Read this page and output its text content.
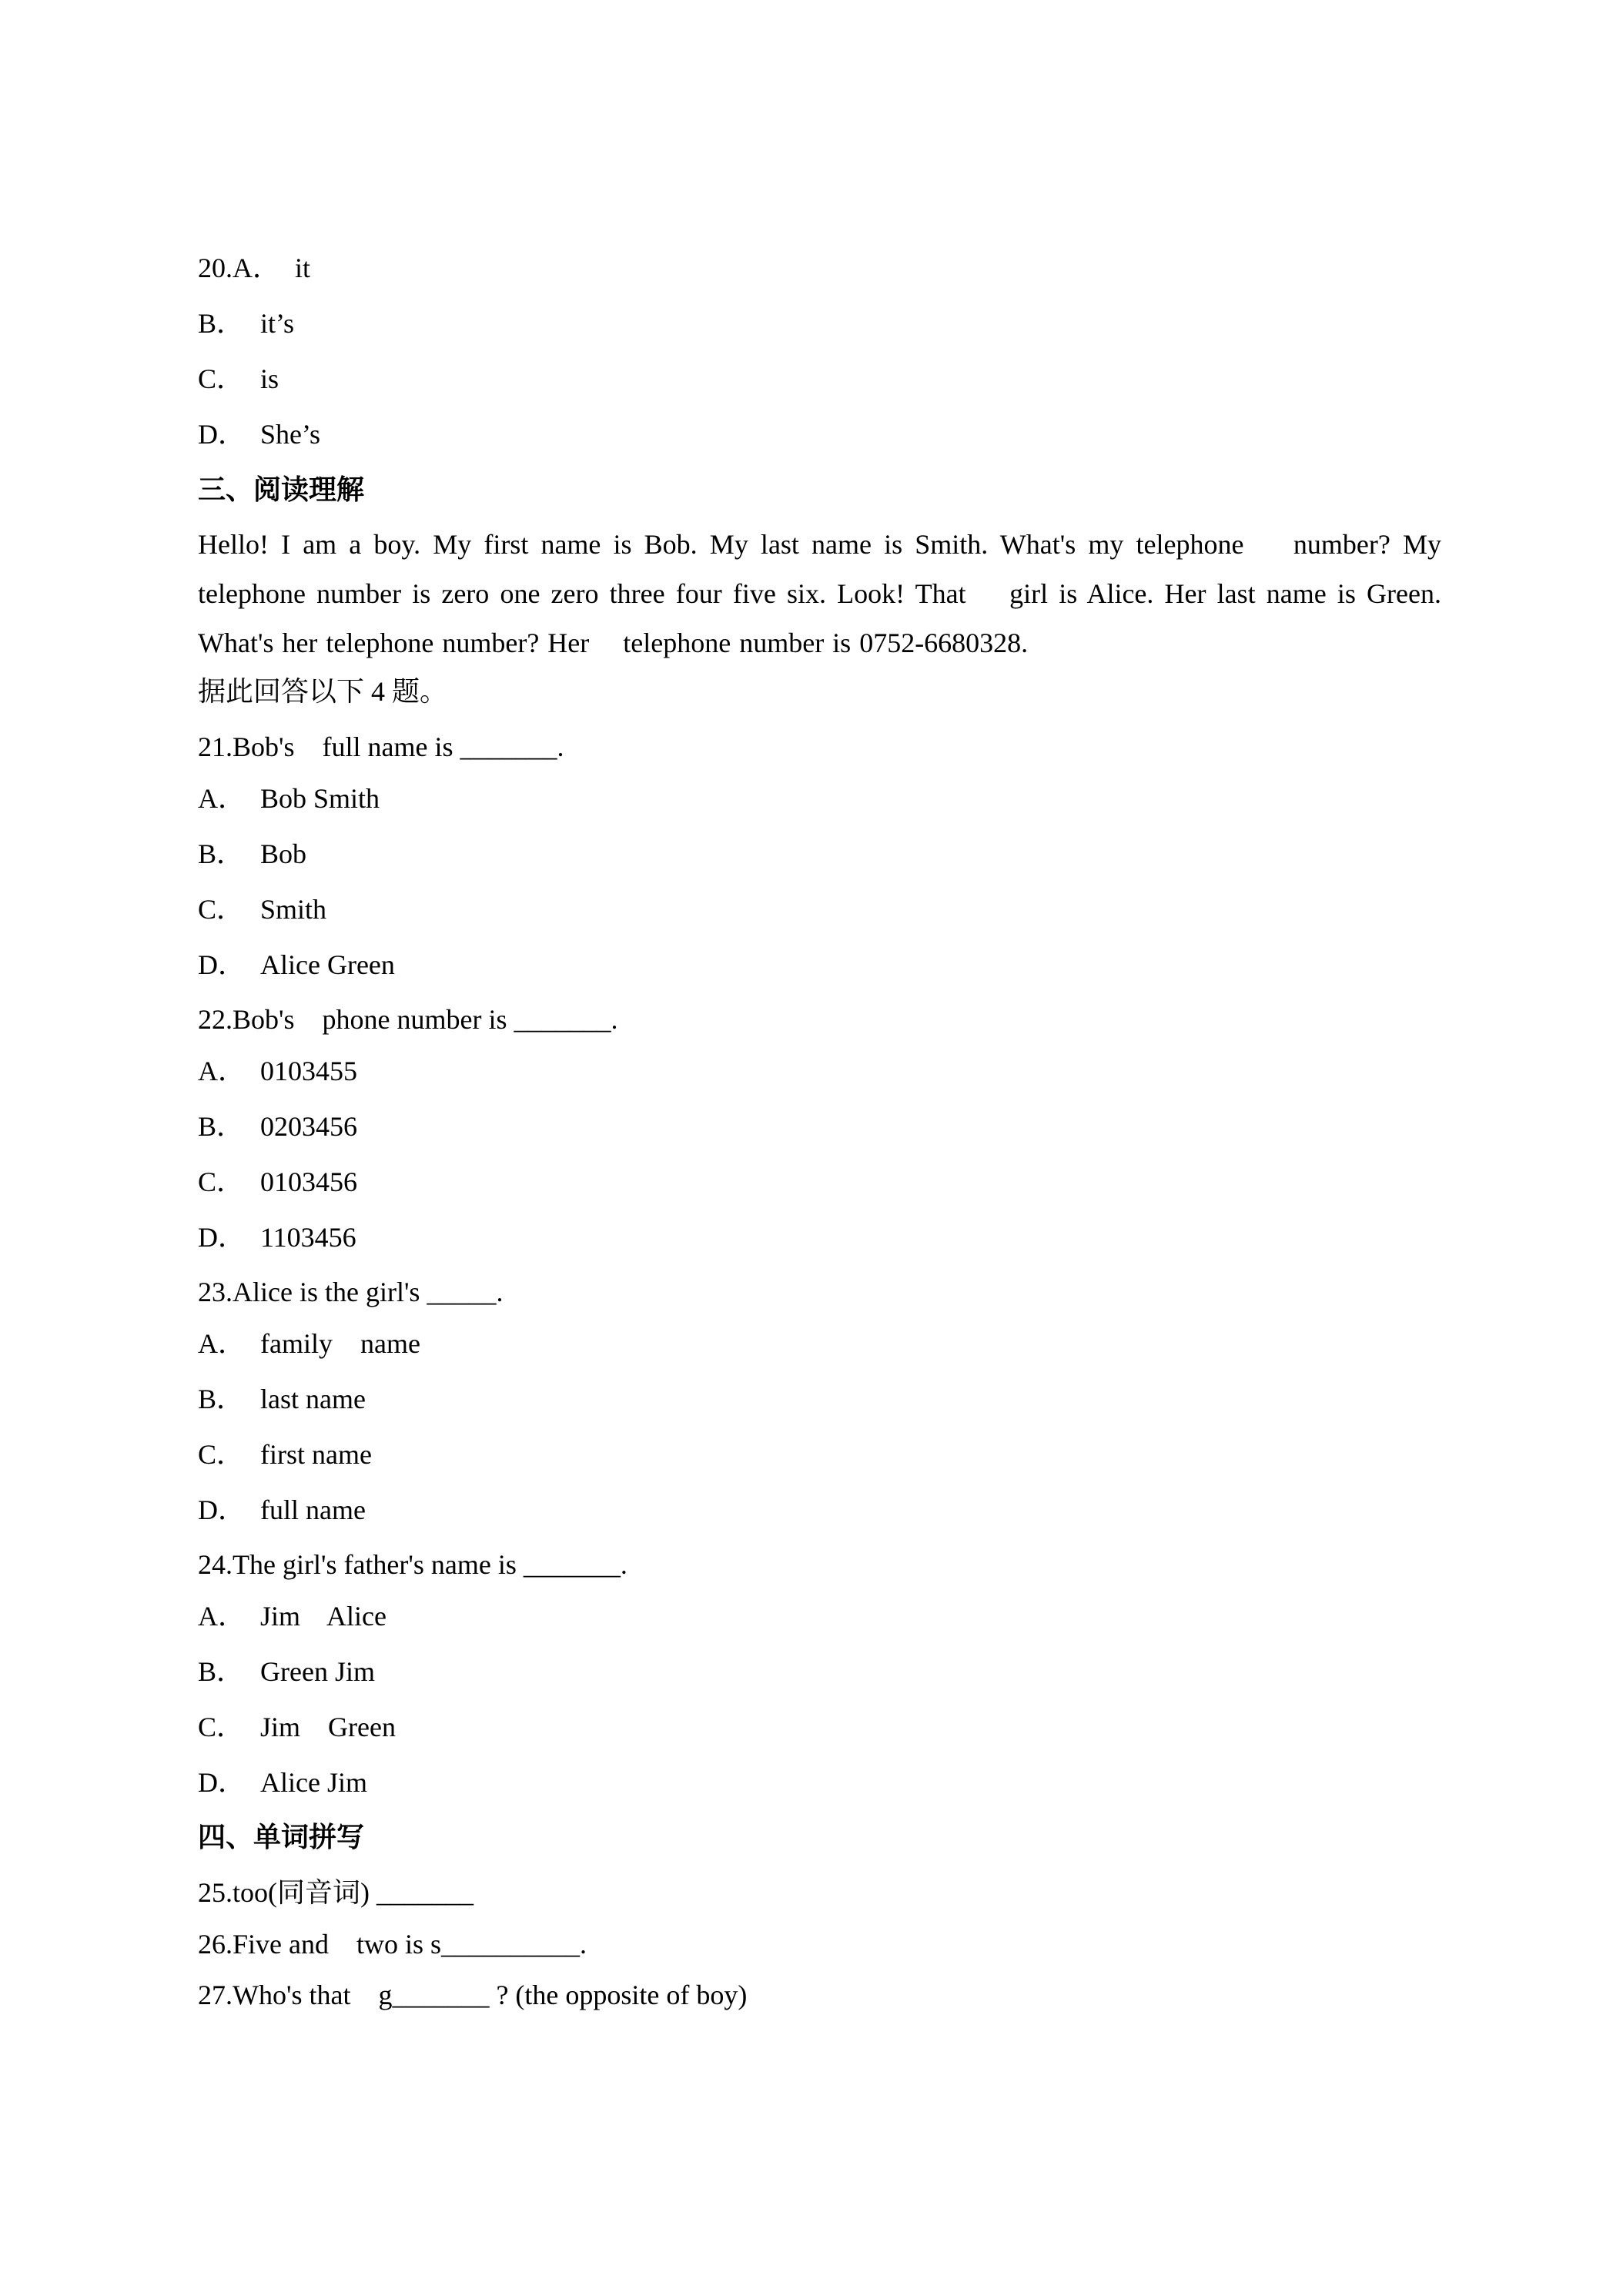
20.A． it
B． it’s
C． is
D． She’s
三、阅读理解
Hello! I am a boy. My first name is Bob. My last name is Smith. What's my telephone    number? My
telephone number is zero one zero three four five six. Look! That    girl is Alice. Her last name is Green.
What's her telephone number? Her    telephone number is 0752-6680328.
据此回答以下 4 题。
21.Bob's    full name is _______.
A． Bob Smith
B． Bob
C． Smith
D． Alice Green
22.Bob's    phone number is _______.
A． 0103455
B． 0203456
C． 0103456
D． 1103456
23.Alice is the girl's _____.
A． family    name
B． last name
C． first name
D． full name
24.The girl's father's name is _______.
A． Jim    Alice
B． Green Jim
C． Jim    Green
D． Alice Jim
四、单词拼写
25.too(同音词) _______
26.Five and    two is s__________.
27.Who's that    g_______ ? (the opposite of boy)
